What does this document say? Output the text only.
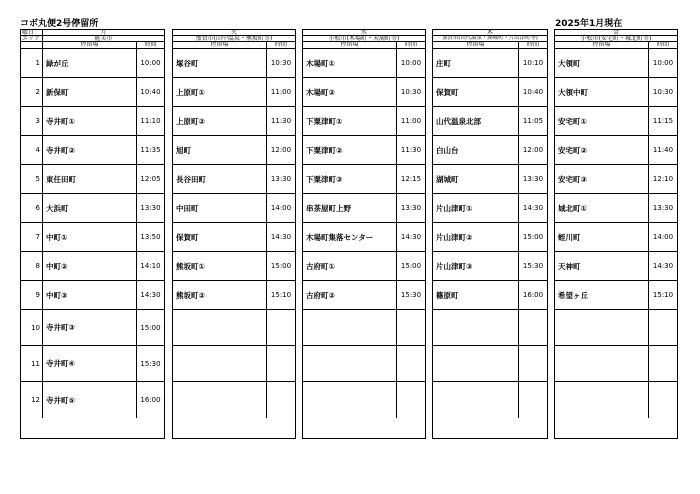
コボ丸便2号停留所	2025年1月現在
曜日	月
エリア	能美市
停留場	時間
1 緑が丘	10:00
2 新保町	10:40
3 寺井町①	11:10
4 寺井町②	11:35
5 東任田町	12:05
6 大浜町	13:30
7 中町①	13:50
8 中町②	14:10
9 中町③	14:30
10 寺井町③	15:00
11 寺井町④	15:30
12 寺井町⑤	16:00
火
加賀市(山中温泉・熊坂町等)
停留場	時間
塚谷町	10:30
上原町①	11:00
上原町②	11:30
旭町	12:00
長谷田町	13:30
中田町	14:00
保賀町	14:30
熊坂町①	15:00
熊坂町②	15:10
水
小松市(木場町・天満町等)
停留場	時間
木場町①	10:00
木場町②	10:30
下粟津町①	11:00
下粟津町②	11:30
下粟津町③	12:15
串茶屋町上野	13:30
木場町集落センター	14:30
古府町①	15:00
古府町②	15:30
木
加賀市(山代温泉・湖城町・片山津町等)
停留場	時間
庄町	10:10
保賀町	10:40
山代温泉北部	11:05
白山台	12:00
湖城町	13:30
片山津町①	14:30
片山津町②	15:00
片山津町③	15:30
篠原町	16:00
金
小松市(安宅町・城北町等)
停留場	時間
大領町	10:00
大領中町	10:30
安宅町①	11:15
安宅町②	11:40
安宅町③	12:10
城北町①	13:30
蛭川町	14:00
天神町	14:30
希望ヶ丘	15:10
